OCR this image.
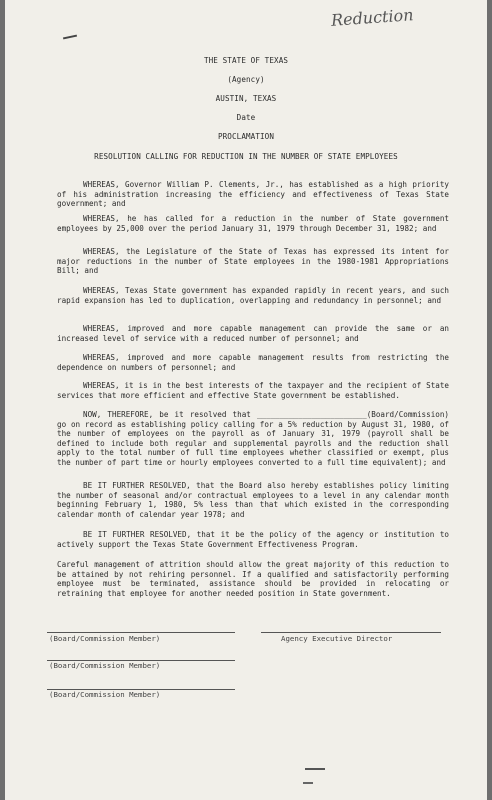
Reduction
THE STATE OF TEXAS
(Agency)
AUSTIN, TEXAS
Date
PROCLAMATION
RESOLUTION CALLING FOR REDUCTION IN THE NUMBER OF STATE EMPLOYEES
WHEREAS, Governor William P. Clements, Jr., has established as a high priority of his administration increasing the efficiency and effectiveness of Texas State government; and
WHEREAS, he has called for a reduction in the number of State government employees by 25,000 over the period January 31, 1979 through December 31, 1982; and
WHEREAS, the Legislature of the State of Texas has expressed its intent for major reductions in the number of State employees in the 1980-1981 Appropriations Bill; and
WHEREAS, Texas State government has expanded rapidly in recent years, and such rapid expansion has led to duplication, overlapping and redundancy in personnel; and
WHEREAS, improved and more capable management can provide the same or an increased level of service with a reduced number of personnel; and
WHEREAS, improved and more capable management results from restricting the dependence on numbers of personnel; and
WHEREAS, it is in the best interests of the taxpayer and the recipient of State services that more efficient and effective State government be established.
NOW, THEREFORE, be it resolved that ________________________(Board/Commission) go on record as establishing policy calling for a 5% reduction by August 31, 1980, of the number of employees on the payroll as of January 31, 1979 (payroll shall be defined to include both regular and supplemental payrolls and the reduction shall apply to the total number of full time employees whether classified or exempt, plus the number of part time or hourly employees converted to a full time equivalent); and
BE IT FURTHER RESOLVED, that the Board also hereby establishes policy limiting the number of seasonal and/or contractual employees to a level in any calendar month beginning February 1, 1980, 5% less than that which existed in the corresponding calendar month of calendar year 1978; and
BE IT FURTHER RESOLVED, that it be the policy of the agency or institution to actively support the Texas State Government Effectiveness Program.
Careful management of attrition should allow the great majority of this reduction to be attained by not rehiring personnel. If a qualified and satisfactorily performing employee must be terminated, assistance should be provided in relocating or retraining that employee for another needed position in State government.
(Board/Commission Member)	Agency Executive Director
(Board/Commission Member)
(Board/Commission Member)
